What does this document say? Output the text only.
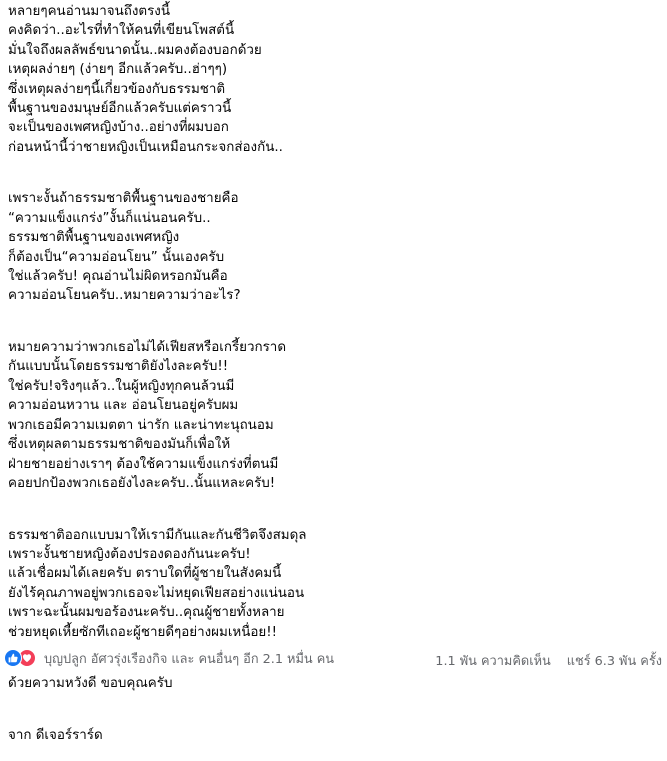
หลายๆคนอ่านมาจนถึงตรงนี้
คงคิดว่า..อะไรที่ทำให้คนที่เขียนโพสต์นี้
มั่นใจถึงผลลัพธ์ขนาดนั้น..ผมคงต้องบอกด้วย
เหตุผลง่ายๆ (ง่ายๆ อีกแล้วครับ..ฮ่าๆๆ)
ซึ่งเหตุผลง่ายๆนี้เกี่ยวข้องกับธรรมชาติ
พื้นฐานของมนุษย์อีกแล้วครับแต่คราวนี้
จะเป็นของเพศหญิงบ้าง..อย่างที่ผมบอก
ก่อนหน้านี้ว่าชายหญิงเป็นเหมือนกระจกส่องกัน..

เพราะงั้นถ้าธรรมชาติพื้นฐานของชายคือ
“ความแข็งแกร่ง”งั้นก็แน่นอนครับ..
ธรรมชาติพื้นฐานของเพศหญิง
ก็ต้องเป็น“ความอ่อนโยน” นั้นเองครับ
ใช่แล้วครับ! คุณอ่านไม่ผิดหรอกมันคือ
ความอ่อนโยนครับ..หมายความว่าอะไร?

หมายความว่าพวกเธอไม่ได้เฟียสหรือเกรี้ยวกราด
กันแบบนั้นโดยธรรมชาติยังไงละครับ!!
ใช่ครับ!จริงๆแล้ว..ในผู้หญิงทุกคนล้วนมี
ความอ่อนหวาน และ อ่อนโยนอยู่ครับผม
พวกเธอมีความเมตตา น่ารัก และน่าทะนุถนอม
ซึ่งเหตุผลตามธรรมชาติของมันก็เพื่อให้
ฝ่ายชายอย่างเราๆ ต้องใช้ความแข็งแกร่งที่ตนมี
คอยปกป้องพวกเธอยังไงละครับ..นั้นแหละครับ!

ธรรมชาติออกแบบมาให้เรามีกันและกันชีวิตจึงสมดุล
เพราะงั้นชายหญิงต้องปรองดองกันนะครับ!
แล้วเชื่อผมได้เลยครับ ตราบใดที่ผู้ชายในสังคมนี้
ยังไร้คุณภาพอยู่พวกเธอจะไม่หยุดเฟียสอย่างแน่นอน
เพราะฉะนั้นผมขอร้องนะครับ..คุณผู้ชายทั้งหลาย
ช่วยหยุดเหี้ยซักทีเถอะผู้ชายดีๆอย่างผมเหนื่อย!!

ด้วยความหวังดี ขอบคุณครับ

จาก ดีเจอร์ราร์ด

บุญปลูก อัศวรุ่งเรืองกิจ และ คนอื่นๆ อีก 2.1 หมื่น คน	1.1 พัน ความคิดเห็น แชร์ 6.3 พัน ครั้ง
